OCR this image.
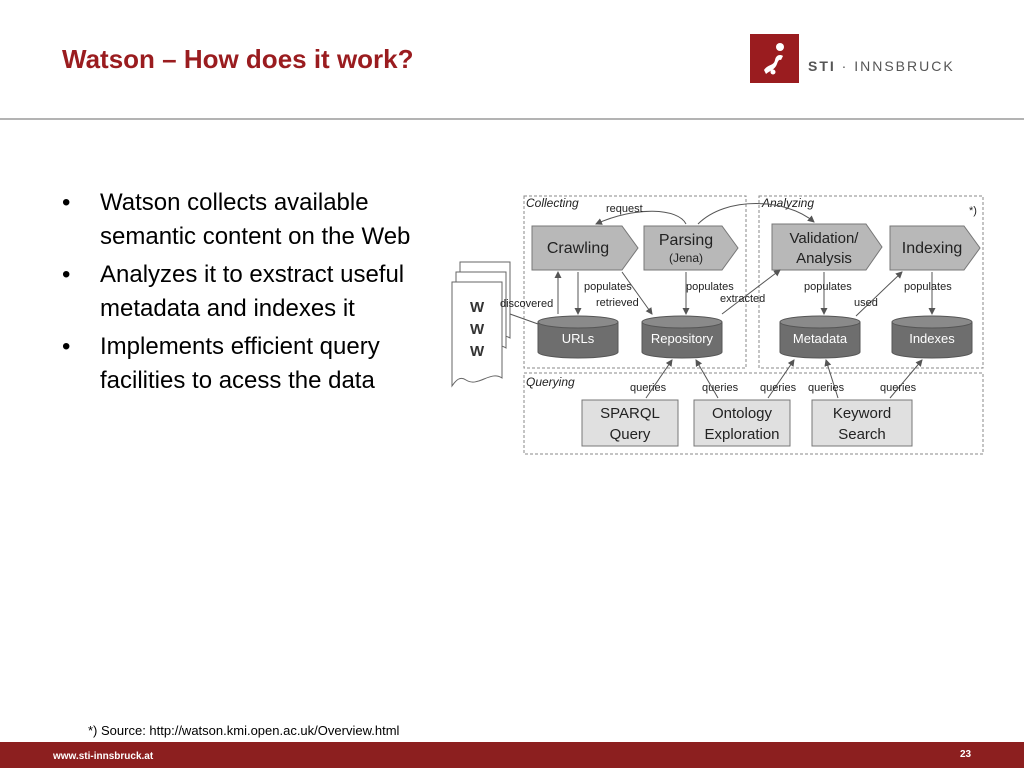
Watson – How does it work?	STI · INNSBRUCK
• Watson collects available semantic content on the Web
• Analyzes it to exstract useful metadata and indexes it
• Implements efficient query facilities to acess the data
Collecting	Analyzing
Querying
*)
W
W
W
Crawling	Parsing
(Jena)
Validation/
Analysis
Indexing
request
URLs	Repository	Metadata	Indexes
populates
discovered	retrieved
populates
extracted
populates
used
populates
SPARQL
Query
Ontology
Exploration
Keyword
Search
queries	queries queries queries	queries
*) Source: http://watson.kmi.open.ac.uk/Overview.html
www.sti-innsbruck.at	23
